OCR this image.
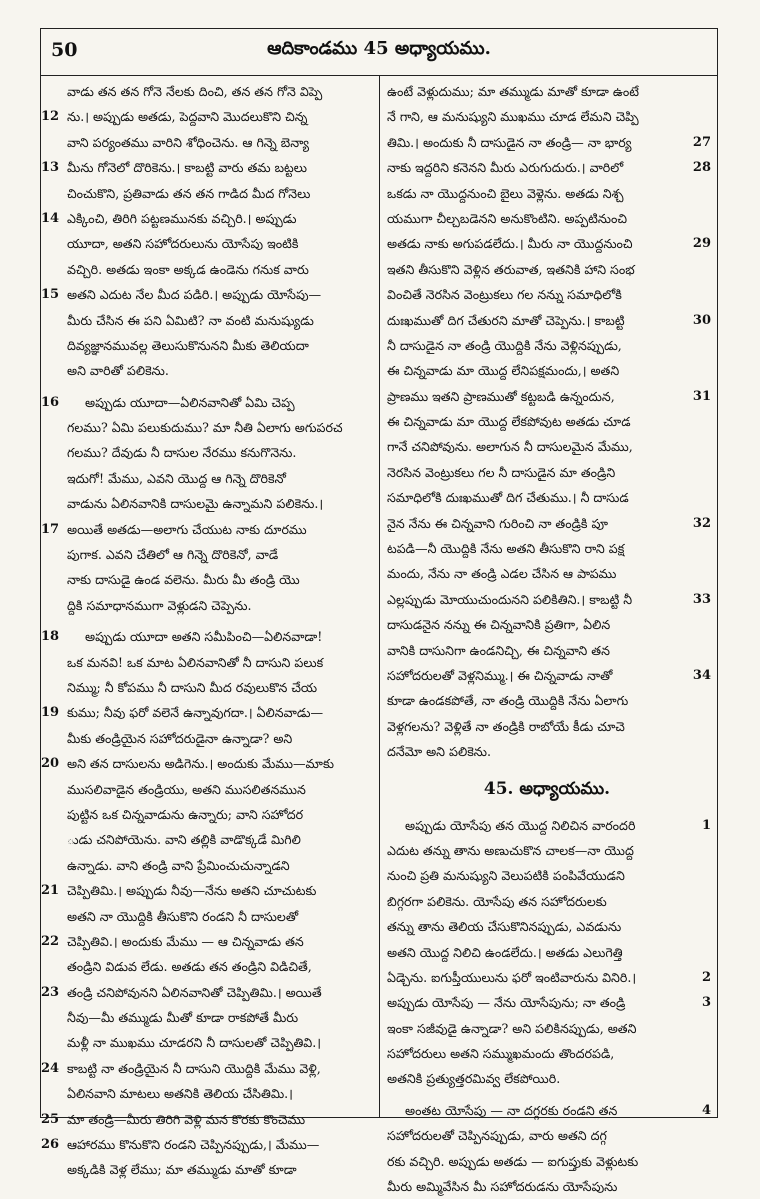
50	ఆదికాండము 45 అధ్యాయము.
వాడు తన తన గోనె నేలకు దించి, తన తన గోనె విప్పె
12 ను.। అప్పుడు అతడు, పెద్దవాని మొదలుకొని చిన్న
వాని పర్యంతము వారిని శోధించెను. ఆ గిన్నె బెన్యా
13 మీను గోనెలో దొరికెను.। కాబట్టి వారు తమ బట్టలు
చించుకొని, ప్రతివాడు తన తన గాడిద మీద గోనెలు
14 ఎక్కించి, తిరిగి పట్టణమునకు వచ్చిరి.। అప్పుడు
యూదా, అతని సహోదరులును యోసేపు ఇంటికి
వచ్చిరి. అతడు ఇంకా అక్కడ ఉండెను గనుక వారు
15 అతని ఎదుట నేల మీద పడిరి.। అప్పుడు యోసేపు—
మీరు చేసిన ఈ పని ఏమిటి? నా వంటి మనుష్యుడు
దివ్యజ్ఞానమువల్ల తెలుసుకొనునని మీకు తెలియదా
అని వారితో పలికెను.
16	అప్పుడు యూదా—ఏలినవానితో ఏమి చెప్ప
గలము? ఏమి పలుకుదుము? మా నీతి ఏలాగు అగుపరచ
గలము? దేవుడు నీ దాసుల నేరము కనుగొనెను.
ఇదుగో! మేము, ఎవని యొద్ద ఆ గిన్నె దొరికెనో
వాడును ఏలినవానికి దాసులమై ఉన్నామని పలికెను.।
17 అయితే అతడు—అలాగు చేయుట నాకు దూరము
పుగాక. ఎవని చేతిలో ఆ గిన్నె దొరికెనో, వాడే
నాకు దాసుడై ఉండ వలెను. మీరు మీ తండ్రి యొ
ద్దికి సమాధానముగా వెళ్లుడని చెప్పెను.
18	అప్పుడు యూదా అతని సమీపించి—ఏలినవాడా!
ఒక మనవి! ఒక మాట ఏలినవానితో నీ దాసుని పలుక
నిమ్ము; నీ కోపము నీ దాసుని మీద రవులుకొన చేయ
19 కుము; నీవు ఫరో వలెనే ఉన్నావుగదా.। ఏలినవాడు—
మీకు తండ్రియైన సహోదరుడైనా ఉన్నాడా? అని
20 అని తన దాసులను అడిగెను.। అందుకు మేము—మాకు
ముసలివాడైన తండ్రియు, అతని ముసలితనమున
పుట్టిన ఒక చిన్నవాడును ఉన్నారు; వాని సహోదర
ుడు చనిపోయెను. వాని తల్లికి వాడొక్కడే మిగిలి
ఉన్నాడు. వాని తండ్రి వాని ప్రేమించుచున్నాడని
21 చెప్పితిమి.। అప్పుడు నీవు—నేను అతని చూచుటకు
అతని నా యొద్దికి తీసుకొని రండని నీ దాసులతో
22 చెప్పితివి.। అందుకు మేము — ఆ చిన్నవాడు తన
తండ్రిని విడువ లేడు. అతడు తన తండ్రిని విడిచితే,
23 తండ్రి చనిపోవునని ఏలినవానితో చెప్పితిమి.। అయితే
నీవు—మీ తమ్ముడు మీతో కూడా రాకపోతే మీరు
మళ్లీ నా ముఖము చూడరని నీ దాసులతో చెప్పితివి.।
24 కాబట్టి నా తండ్రియైన నీ దాసుని యొద్దికి మేము వెళ్లి,
ఏలినవాని మాటలు అతనికి తెలియ చేసితిమి.।
25 మా తండ్రి—మీరు తిరిగి వెళ్లి మన కొరకు కొంచెము
26 ఆహారము కొనుకొని రండని చెప్పినప్పుడు,। మేము—
అక్కడికి వెళ్ల లేము; మా తమ్ముడు మాతో కూడా
ఉంటే వెళ్లుదుము; మా తమ్ముడు మాతో కూడా ఉంటే
నే గాని, ఆ మనుష్యుని ముఖము చూడ లేమని చెప్పి
27
తిమి.। అందుకు నీ దాసుడైన నా తండ్రి— నా భార్య
28
నాకు ఇద్దరిని కనెనని మీరు ఎరుగుదురు.। వారిలో
ఒకడు నా యొద్దనుంచి బైలు వెళ్లెను. అతడు నిశ్చ
యముగా చీల్చబడెనని అనుకొంటిని. అప్పటినుంచి
29
అతడు నాకు అగుపడలేదు.। మీరు నా యొద్దనుంచి
ఇతని తీసుకొని వెళ్లిన తరువాత, ఇతనికి హాని సంభ
వించితే నెరసిన వెంట్రుకలు గల నన్ను సమాధిలోకి
30
దుఃఖముతో దిగ చేతురని మాతో చెప్పెను.। కాబట్టి
నీ దాసుడైన నా తండ్రి యొద్దికి నేను వెళ్లినప్పుడు,
ఈ చిన్నవాడు మా యొద్ద లేనిపక్షమందు,। అతని
31
ప్రాణము ఇతని ప్రాణముతో కట్టబడి ఉన్నందున,
ఈ చిన్నవాడు మా యొద్ద లేకపోవుట అతడు చూడ
గానే చనిపోవును. అలాగున నీ దాసులమైన మేము,
నెరసిన వెంట్రుకలు గల నీ దాసుడైన మా తండ్రిని
సమాధిలోకి దుఃఖముతో దిగ చేతుము.। నీ దాసుడ
32
నైన నేను ఈ చిన్నవాని గురించి నా తండ్రికి పూ
టపడి—నీ యొద్దికి నేను అతని తీసుకొని రాని పక్ష
మందు, నేను నా తండ్రి ఎడల చేసిన ఆ పాపము
33
ఎల్లప్పుడు మోయుచుందునని పలికితిని.। కాబట్టి నీ
దాసుడనైన నన్ను ఈ చిన్నవానికి ప్రతిగా, ఏలిన
వానికి దాసునిగా ఉండనిచ్చి, ఈ చిన్నవాని తన
34
సహోదరులతో వెళ్లనిమ్ము.। ఈ చిన్నవాడు నాతో
కూడా ఉండకపోతే, నా తండ్రి యొద్దికి నేను ఏలాగు
వెళ్లగలను? వెళ్లితే నా తండ్రికి రాబోయే కీడు చూచె
దనేమో అని పలికెను.
45. అధ్యాయము.
1
అప్పుడు యోసేపు తన యొద్ద నిలిచిన వారందరి
ఎదుట తన్ను తాను అణుచుకొన చాలక—నా యొద్ద
నుంచి ప్రతి మనుష్యుని వెలుపటికి పంపివేయుడని
బిగ్గరగా పలికెను. యోసేపు తన సహోదరులకు
తన్ను తాను తెలియ చేసుకొనినప్పుడు, ఎవడును
అతని యొద్ద నిలిచి ఉండలేదు.। అతడు ఎలుగెత్తి
2
ఏడ్చెను. ఐగుప్తీయులును ఫరో ఇంటివారును వినిరి.।
3
అప్పుడు యోసేపు — నేను యోసేపును; నా తండ్రి
ఇంకా సజీవుడై ఉన్నాడా? అని పలికినప్పుడు, అతని
సహోదరులు అతని సమ్ముఖమందు తొందరపడి,
అతనికి ప్రత్యుత్తరమివ్వ లేకపోయిరి.
4
అంతట యోసేపు — నా దగ్గరకు రండని తన
సహోదరులతో చెప్పినప్పుడు, వారు అతని దగ్గ
రకు వచ్చిరి. అప్పుడు అతడు — ఐగుప్తుకు వెళ్లుటకు
మీరు అమ్మివేసిన మీ సహోదరుడను యోసేపును
